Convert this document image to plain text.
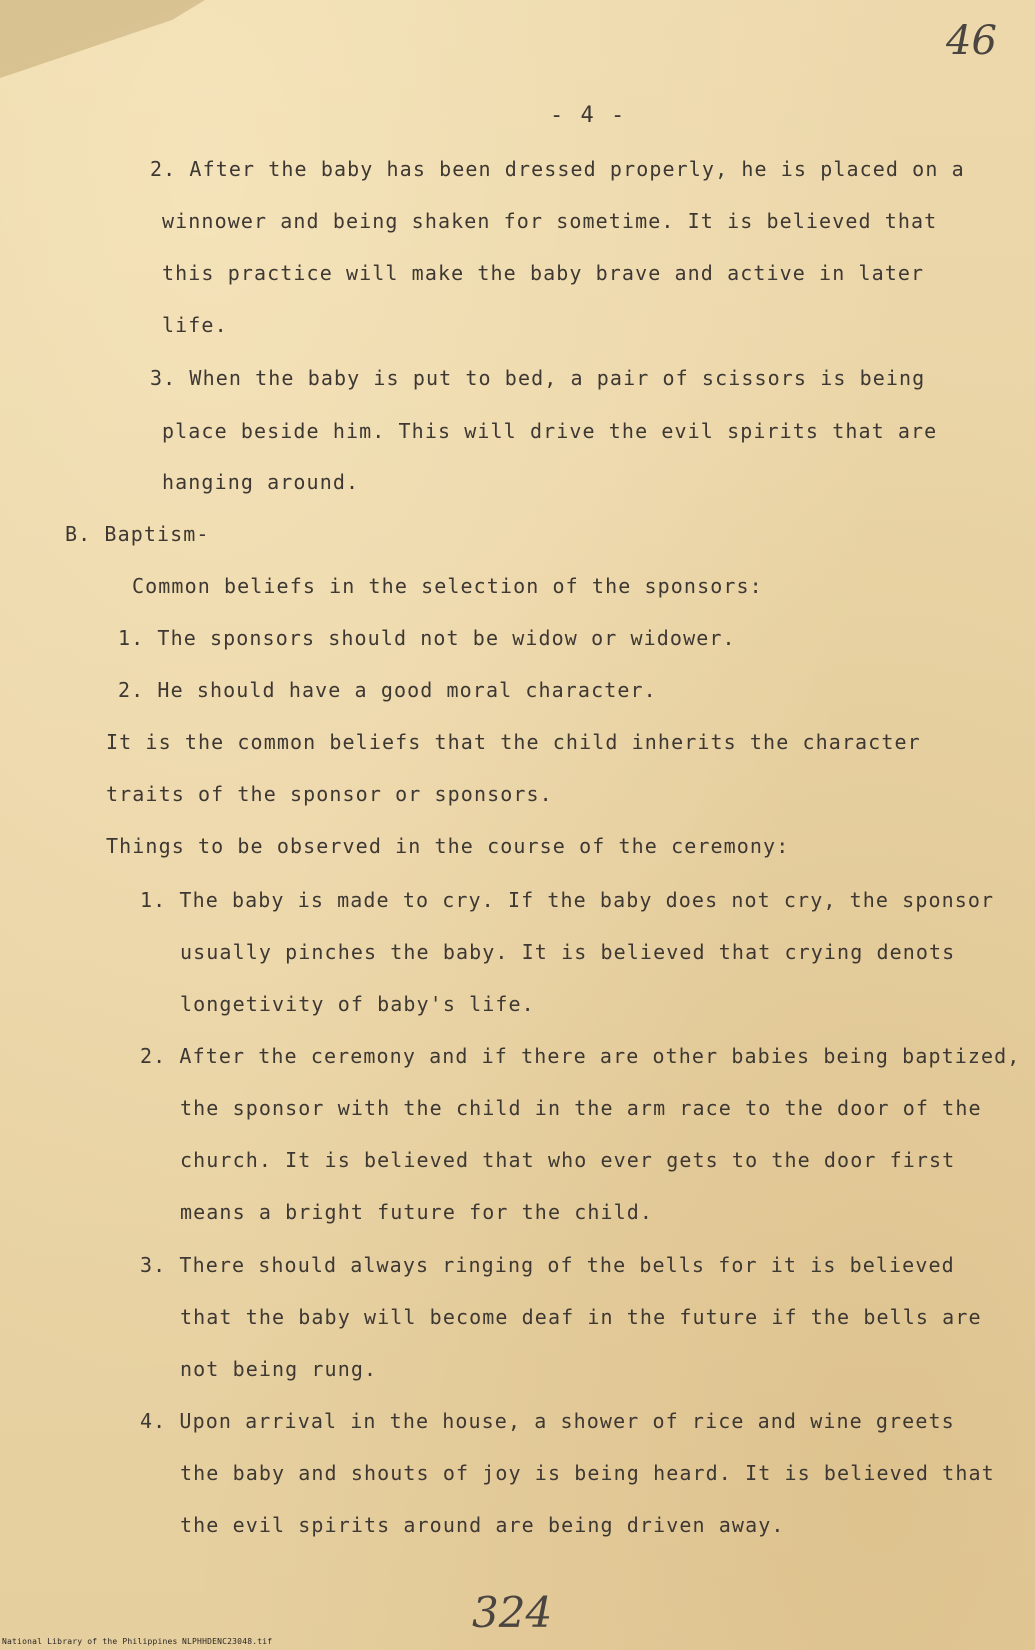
46
- 4 -
2. After the baby has been dressed properly, he is placed on a
winnower and being shaken for sometime. It is believed that
this practice will make the baby brave and active in later
life.
3. When the baby is put to bed, a pair of scissors is being
place beside him. This will drive the evil spirits that are
hanging around.
B. Baptism-
Common beliefs in the selection of the sponsors:
1. The sponsors should not be widow or widower.
2. He should have a good moral character.
It is the common beliefs that the child inherits the character
traits of the sponsor or sponsors.
Things to be observed in the course of the ceremony:
1. The baby is made to cry. If the baby does not cry, the sponsor
usually pinches the baby. It is believed that crying denots
longetivity of baby's life.
2. After the ceremony and if there are other babies being baptized,
the sponsor with the child in the arm race to the door of the
church. It is believed that who ever gets to the door first
means a bright future for the child.
3. There should always ringing of the bells for it is believed
that the baby will become deaf in the future if the bells are
not being rung.
4. Upon arrival in the house, a shower of rice and wine greets
the baby and shouts of joy is being heard. It is believed that
the evil spirits around are being driven away.
324
National Library of the Philippines NLPHHDENC23048.tif
